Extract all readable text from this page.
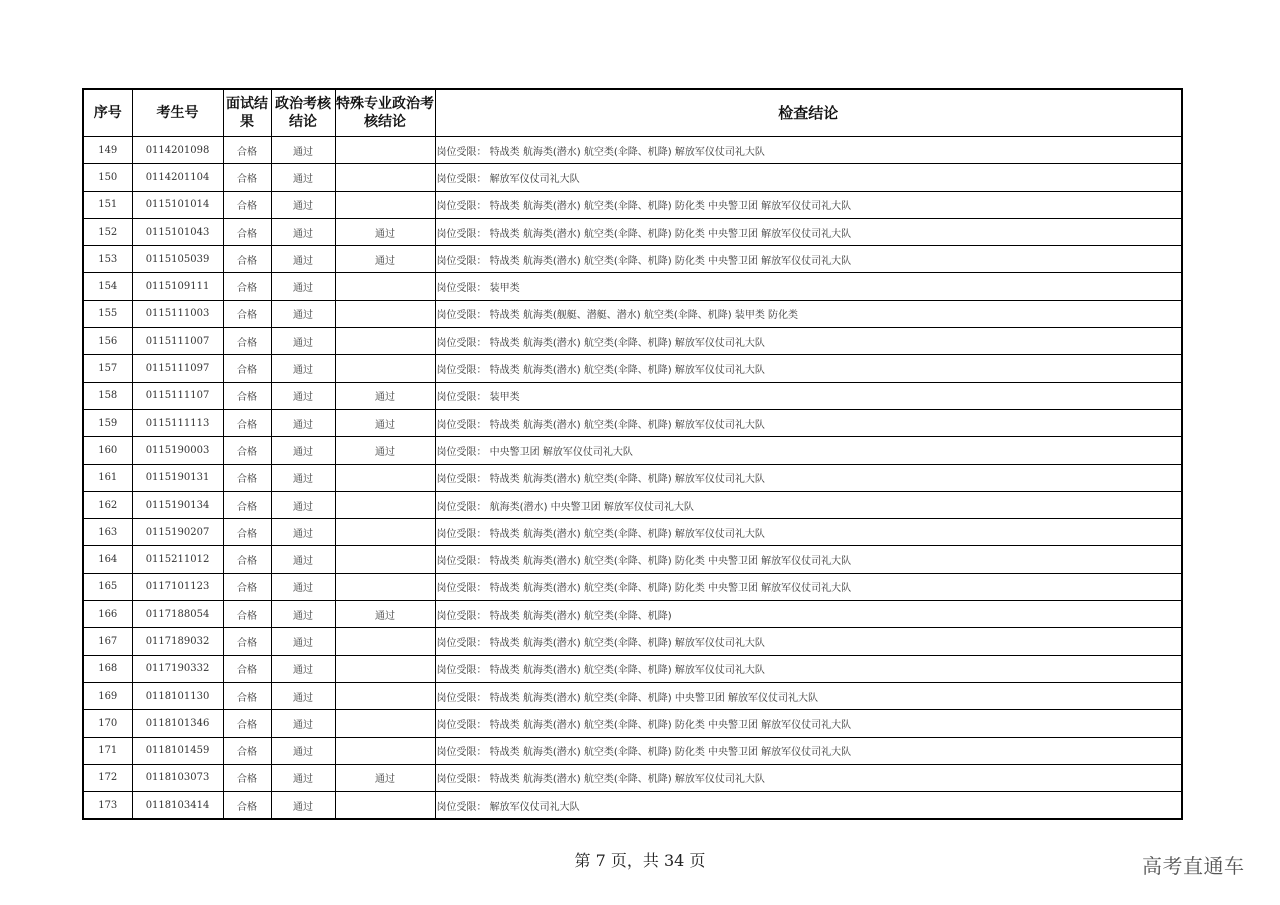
序号	考生号	面试结果	政治考核结论	特殊专业政治考核结论	检查结论
149	0114201098	合格	通过		岗位受限： 特战类 航海类(潜水) 航空类(伞降、机降) 解放军仪仗司礼大队
150	0114201104	合格	通过		岗位受限： 解放军仪仗司礼大队
151	0115101014	合格	通过		岗位受限： 特战类 航海类(潜水) 航空类(伞降、机降) 防化类 中央警卫团 解放军仪仗司礼大队
152	0115101043	合格	通过	通过	岗位受限： 特战类 航海类(潜水) 航空类(伞降、机降) 防化类 中央警卫团 解放军仪仗司礼大队
153	0115105039	合格	通过	通过	岗位受限： 特战类 航海类(潜水) 航空类(伞降、机降) 防化类 中央警卫团 解放军仪仗司礼大队
154	0115109111	合格	通过		岗位受限： 装甲类
155	0115111003	合格	通过		岗位受限： 特战类 航海类(舰艇、潜艇、潜水) 航空类(伞降、机降) 装甲类 防化类
156	0115111007	合格	通过		岗位受限： 特战类 航海类(潜水) 航空类(伞降、机降) 解放军仪仗司礼大队
157	0115111097	合格	通过		岗位受限： 特战类 航海类(潜水) 航空类(伞降、机降) 解放军仪仗司礼大队
158	0115111107	合格	通过	通过	岗位受限： 装甲类
159	0115111113	合格	通过	通过	岗位受限： 特战类 航海类(潜水) 航空类(伞降、机降) 解放军仪仗司礼大队
160	0115190003	合格	通过	通过	岗位受限： 中央警卫团 解放军仪仗司礼大队
161	0115190131	合格	通过		岗位受限： 特战类 航海类(潜水) 航空类(伞降、机降) 解放军仪仗司礼大队
162	0115190134	合格	通过		岗位受限： 航海类(潜水) 中央警卫团 解放军仪仗司礼大队
163	0115190207	合格	通过		岗位受限： 特战类 航海类(潜水) 航空类(伞降、机降) 解放军仪仗司礼大队
164	0115211012	合格	通过		岗位受限： 特战类 航海类(潜水) 航空类(伞降、机降) 防化类 中央警卫团 解放军仪仗司礼大队
165	0117101123	合格	通过		岗位受限： 特战类 航海类(潜水) 航空类(伞降、机降) 防化类 中央警卫团 解放军仪仗司礼大队
166	0117188054	合格	通过	通过	岗位受限： 特战类 航海类(潜水) 航空类(伞降、机降)
167	0117189032	合格	通过		岗位受限： 特战类 航海类(潜水) 航空类(伞降、机降) 解放军仪仗司礼大队
168	0117190332	合格	通过		岗位受限： 特战类 航海类(潜水) 航空类(伞降、机降) 解放军仪仗司礼大队
169	0118101130	合格	通过		岗位受限： 特战类 航海类(潜水) 航空类(伞降、机降) 中央警卫团 解放军仪仗司礼大队
170	0118101346	合格	通过		岗位受限： 特战类 航海类(潜水) 航空类(伞降、机降) 防化类 中央警卫团 解放军仪仗司礼大队
171	0118101459	合格	通过		岗位受限： 特战类 航海类(潜水) 航空类(伞降、机降) 防化类 中央警卫团 解放军仪仗司礼大队
172	0118103073	合格	通过	通过	岗位受限： 特战类 航海类(潜水) 航空类(伞降、机降) 解放军仪仗司礼大队
173	0118103414	合格	通过		岗位受限： 解放军仪仗司礼大队
第 7 页，共 34 页	高考直通车
